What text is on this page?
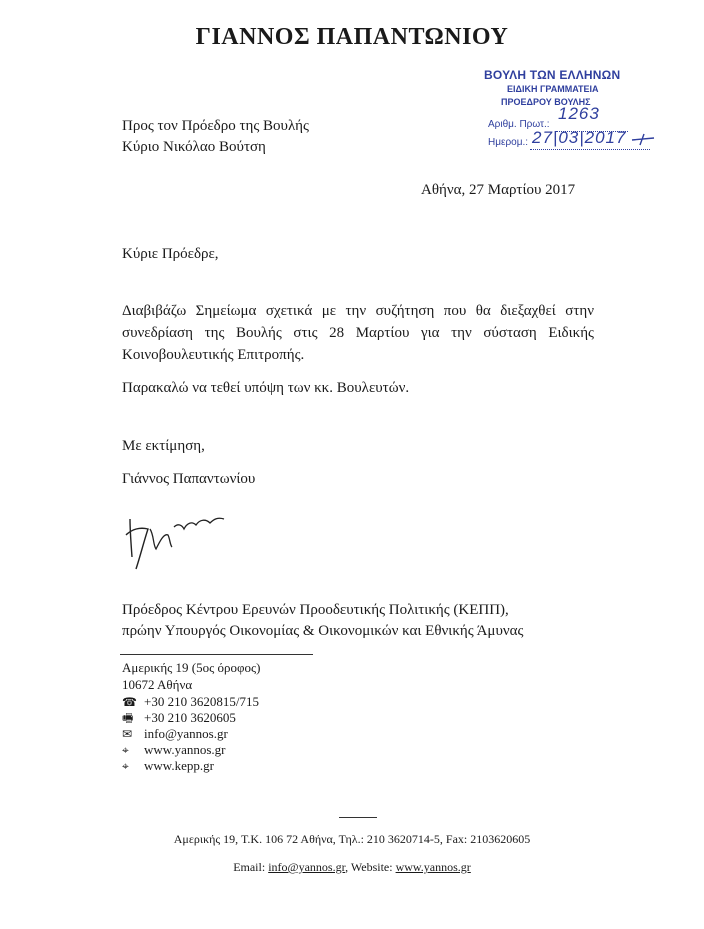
ΓΙΑΝΝΟΣ ΠΑΠΑΝΤΩΝΙΟΥ
ΒΟΥΛΗ ΤΩΝ ΕΛΛΗΝΩΝ
ΕΙΔΙΚΗ ΓΡΑΜΜΑΤΕΙΑ
ΠΡΟΕΔΡΟΥ ΒΟΥΛΗΣ
Αριθμ. Πρωτ.:
1263
Ημερομ.: 27|03|2017
Προς τον Πρόεδρο της Βουλής
Κύριο Νικόλαο Βούτση
Αθήνα, 27 Μαρτίου 2017
Κύριε Πρόεδρε,
Διαβιβάζω Σημείωμα σχετικά με την συζήτηση που θα διεξαχθεί στην
συνεδρίαση της Βουλής στις 28 Μαρτίου για την σύσταση Ειδικής
Κοινοβουλευτικής Επιτροπής.
Παρακαλώ να τεθεί υπόψη των κκ. Βουλευτών.
Με εκτίμηση,
Γιάννος Παπαντωνίου
Πρόεδρος Κέντρου Ερευνών Προοδευτικής Πολιτικής (ΚΕΠΠ),
πρώην Υπουργός Οικονομίας & Οικονομικών και Εθνικής Άμυνας
Αμερικής 19 (5ος όροφος)
10672 Αθήνα
☎ +30 210 3620815/715
🖷 +30 210 3620605
✉ info@yannos.gr
⌖ www.yannos.gr
⌖ www.kepp.gr
Αμερικής 19, Τ.Κ. 106 72 Αθήνα, Τηλ.: 210 3620714-5, Fax: 2103620605
Email: info@yannos.gr, Website: www.yannos.gr
